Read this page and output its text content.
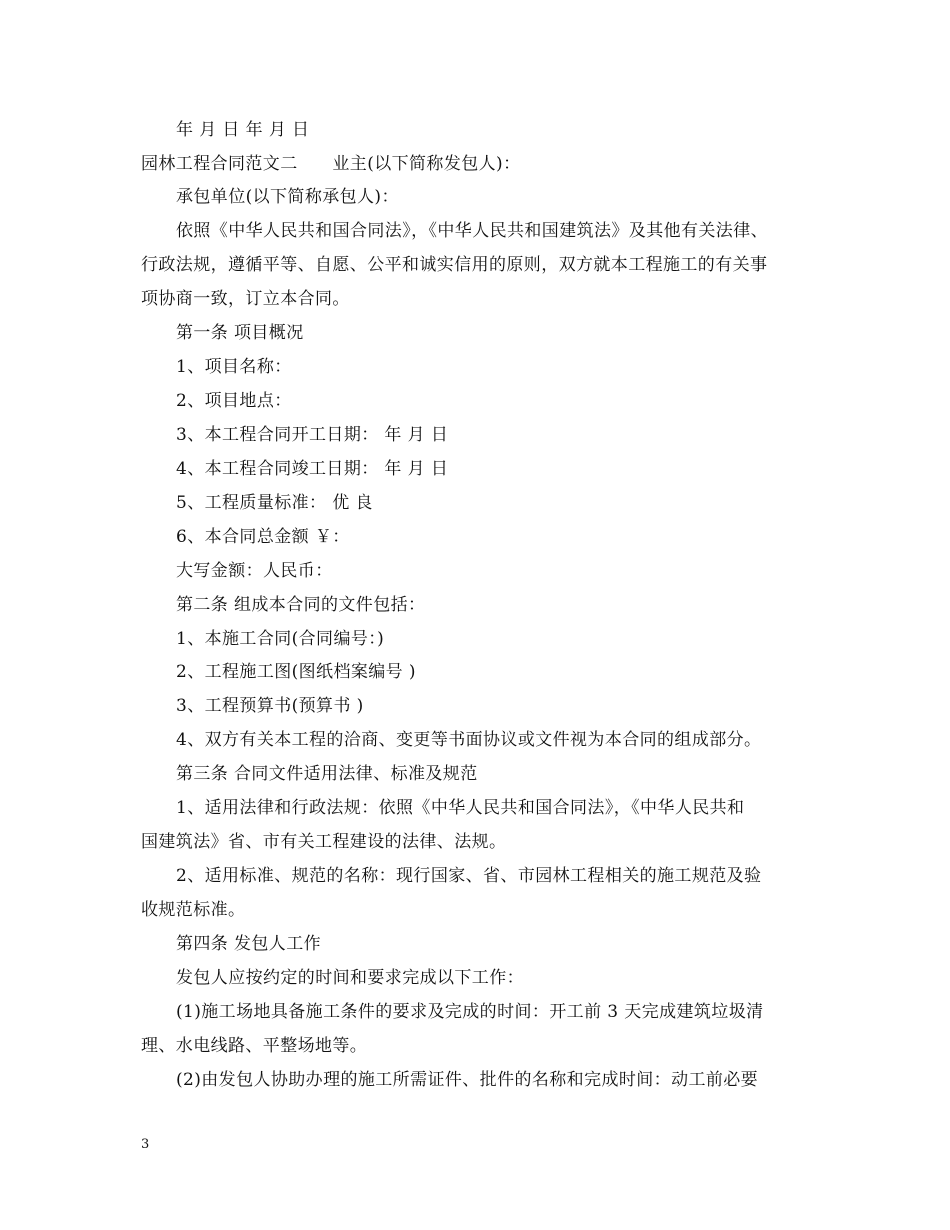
年 月 日 年 月 日
园林工程合同范文二　　业主(以下简称发包人)：
承包单位(以下简称承包人)：
依照《中华人民共和国合同法》，《中华人民共和国建筑法》及其他有关法律、
行政法规，遵循平等、自愿、公平和诚实信用的原则，双方就本工程施工的有关事
项协商一致，订立本合同。
第一条 项目概况
1、项目名称：
2、项目地点：
3、本工程合同开工日期： 年 月 日
4、本工程合同竣工日期： 年 月 日
5、工程质量标准： 优 良
6、本合同总金额 ￥：
大写金额：人民币：
第二条 组成本合同的文件包括：
1、本施工合同(合同编号：)
2、工程施工图(图纸档案编号 )
3、工程预算书(预算书 )
4、双方有关本工程的洽商、变更等书面协议或文件视为本合同的组成部分。
第三条 合同文件适用法律、标准及规范
1、适用法律和行政法规：依照《中华人民共和国合同法》，《中华人民共和
国建筑法》省、市有关工程建设的法律、法规。
2、适用标准、规范的名称：现行国家、省、市园林工程相关的施工规范及验
收规范标准。
第四条 发包人工作
发包人应按约定的时间和要求完成以下工作：
(1)施工场地具备施工条件的要求及完成的时间：开工前 3 天完成建筑垃圾清
理、水电线路、平整场地等。
(2)由发包人协助办理的施工所需证件、批件的名称和完成时间：动工前必要
3
